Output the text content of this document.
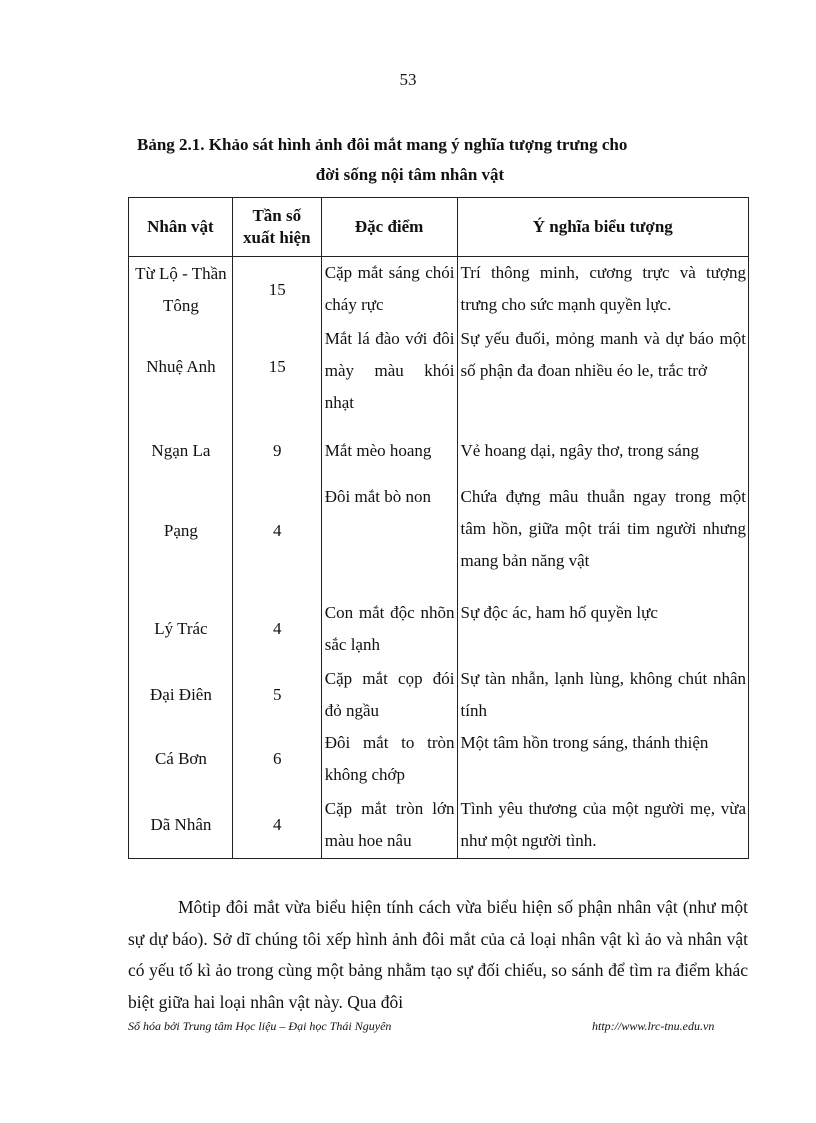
53
Bảng 2.1. Khảo sát hình ảnh đôi mắt mang ý nghĩa tượng trưng cho
đời sống nội tâm nhân vật
Nhân vật	Tần số xuất hiện	Đặc điểm	Ý nghĩa biểu tượng
Từ Lộ - Thần Tông	15	Cặp mắt sáng chói cháy rực	Trí thông minh, cương trực và tượng trưng cho sức mạnh quyền lực.
Nhuệ Anh	15	Mắt lá đào với đôi mày màu khói nhạt	Sự yếu đuối, mỏng manh và dự báo một số phận đa đoan nhiều éo le, trắc trở
Ngạn La	9	Mắt mèo hoang	Vẻ hoang dại, ngây thơ, trong sáng
Pạng	4	Đôi mắt bò non	Chứa đựng mâu thuẫn ngay trong một tâm hồn, giữa một trái tim người nhưng mang bản năng vật
Lý Trác	4	Con mắt độc nhõn sắc lạnh	Sự độc ác, ham hố quyền lực
Đại Điên	5	Cặp mắt cọp đói đỏ ngầu	Sự tàn nhẫn, lạnh lùng, không chút nhân tính
Cá Bơn	6	Đôi mắt to tròn không chớp	Một tâm hồn trong sáng, thánh thiện
Dã Nhân	4	Cặp mắt tròn lớn màu hoe nâu	Tình yêu thương của một người mẹ, vừa như một người tình.
Môtip đôi mắt vừa biểu hiện tính cách vừa biểu hiện số phận nhân vật (như một sự dự báo). Sở dĩ chúng tôi xếp hình ảnh đôi mắt của cả loại nhân vật kì ảo và nhân vật có yếu tố kì ảo trong cùng một bảng nhằm tạo sự đối chiếu, so sánh để tìm ra điểm khác biệt giữa hai loại nhân vật này. Qua đôi
Số hóa bởi Trung tâm Học liệu – Đại học Thái Nguyên	http://www.lrc-tnu.edu.vn
